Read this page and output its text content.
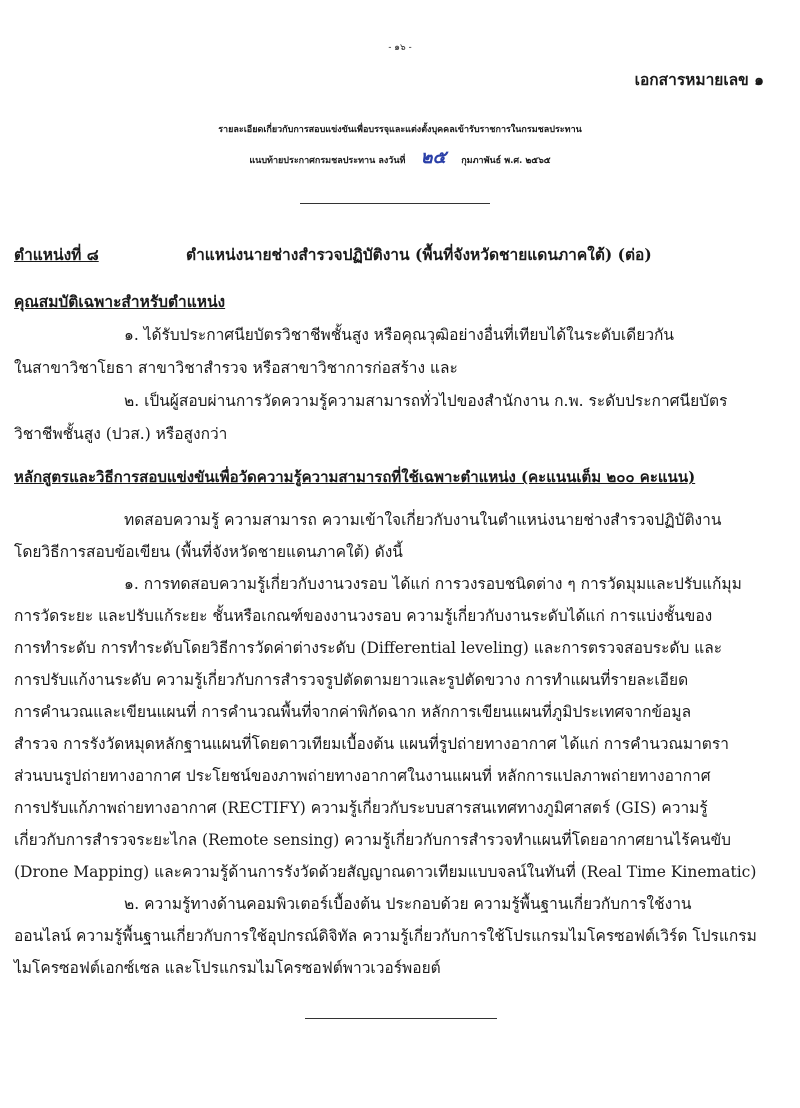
- ๑๖ -
เอกสารหมายเลข ๑
รายละเอียดเกี่ยวกับการสอบแข่งขันเพื่อบรรจุและแต่งตั้งบุคคลเข้ารับราชการในกรมชลประทาน
แนบท้ายประกาศกรมชลประทาน ลงวันที่ ๒๕ กุมภาพันธ์ พ.ศ. ๒๕๖๕
ตำแหน่งที่ ๘	ตำแหน่งนายช่างสำรวจปฏิบัติงาน (พื้นที่จังหวัดชายแดนภาคใต้) (ต่อ)
คุณสมบัติเฉพาะสำหรับตำแหน่ง
๑. ได้รับประกาศนียบัตรวิชาชีพชั้นสูง หรือคุณวุฒิอย่างอื่นที่เทียบได้ในระดับเดียวกัน
ในสาขาวิชาโยธา สาขาวิชาสำรวจ หรือสาขาวิชาการก่อสร้าง และ
๒. เป็นผู้สอบผ่านการวัดความรู้ความสามารถทั่วไปของสำนักงาน ก.พ. ระดับประกาศนียบัตร
วิชาชีพชั้นสูง (ปวส.) หรือสูงกว่า
หลักสูตรและวิธีการสอบแข่งขันเพื่อวัดความรู้ความสามารถที่ใช้เฉพาะตำแหน่ง (คะแนนเต็ม ๒๐๐ คะแนน)
ทดสอบความรู้ ความสามารถ ความเข้าใจเกี่ยวกับงานในตำแหน่งนายช่างสำรวจปฏิบัติงาน
โดยวิธีการสอบข้อเขียน (พื้นที่จังหวัดชายแดนภาคใต้) ดังนี้
๑. การทดสอบความรู้เกี่ยวกับงานวงรอบ ได้แก่ การวงรอบชนิดต่าง ๆ การวัดมุมและปรับแก้มุม
การวัดระยะ และปรับแก้ระยะ ชั้นหรือเกณฑ์ของงานวงรอบ ความรู้เกี่ยวกับงานระดับได้แก่ การแบ่งชั้นของ
การทำระดับ การทำระดับโดยวิธีการวัดค่าต่างระดับ (Differential leveling) และการตรวจสอบระดับ และ
การปรับแก้งานระดับ ความรู้เกี่ยวกับการสำรวจรูปตัดตามยาวและรูปตัดขวาง การทำแผนที่รายละเอียด
การคำนวณและเขียนแผนที่ การคำนวณพื้นที่จากค่าพิกัดฉาก หลักการเขียนแผนที่ภูมิประเทศจากข้อมูล
สำรวจ การรังวัดหมุดหลักฐานแผนที่โดยดาวเทียมเบื้องต้น แผนที่รูปถ่ายทางอากาศ ได้แก่ การคำนวณมาตรา
ส่วนบนรูปถ่ายทางอากาศ ประโยชน์ของภาพถ่ายทางอากาศในงานแผนที่ หลักการแปลภาพถ่ายทางอากาศ
การปรับแก้ภาพถ่ายทางอากาศ (RECTIFY) ความรู้เกี่ยวกับระบบสารสนเทศทางภูมิศาสตร์ (GIS) ความรู้
เกี่ยวกับการสำรวจระยะไกล (Remote sensing) ความรู้เกี่ยวกับการสำรวจทำแผนที่โดยอากาศยานไร้คนขับ
(Drone Mapping) และความรู้ด้านการรังวัดด้วยสัญญาณดาวเทียมแบบจลน์ในทันที่ (Real Time Kinematic)
๒. ความรู้ทางด้านคอมพิวเตอร์เบื้องต้น ประกอบด้วย ความรู้พื้นฐานเกี่ยวกับการใช้งาน
ออนไลน์ ความรู้พื้นฐานเกี่ยวกับการใช้อุปกรณ์ดิจิทัล ความรู้เกี่ยวกับการใช้โปรแกรมไมโครซอฟต์เวิร์ด โปรแกรม
ไมโครซอฟต์เอกซ์เซล และโปรแกรมไมโครซอฟต์พาวเวอร์พอยต์
